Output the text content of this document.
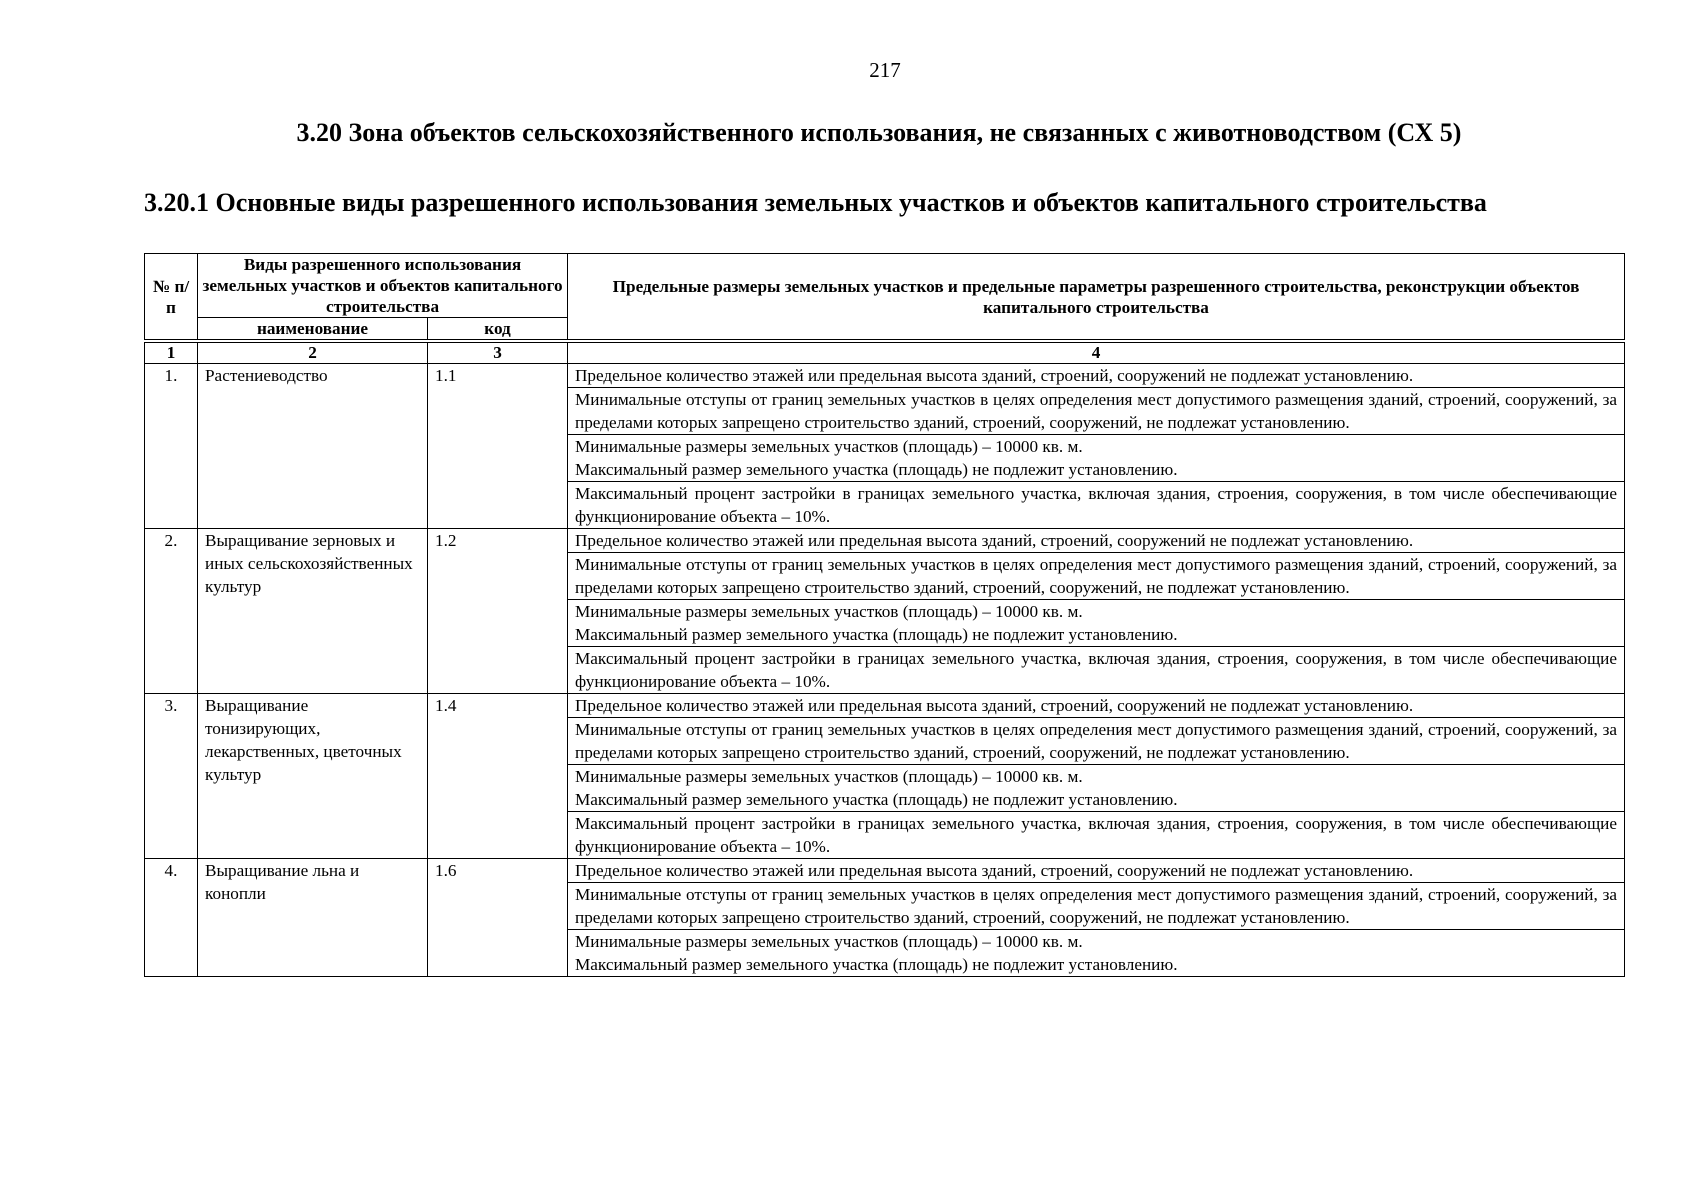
217
3.20 Зона объектов сельскохозяйственного использования, не связанных с животноводством (СХ 5)
3.20.1 Основные виды разрешенного использования земельных участков и объектов капитального строительства
№ п/п	Виды разрешенного использования земельных участков и объектов капитального строительства		Предельные размеры земельных участков и предельные параметры разрешенного строительства, реконструкции объектов капитального строительства
	наименование	код	

1	2	3	4
1.	Растениеводство	1.1	Предельное количество этажей или предельная высота зданий, строений, сооружений не подлежат установлению.
			Минимальные отступы от границ земельных участков в целях определения мест допустимого размещения зданий, строений, сооружений, за пределами которых запрещено строительство зданий, строений, сооружений, не подлежат установлению.
			Минимальные размеры земельных участков (площадь) – 10000 кв. м.
Максимальный размер земельного участка (площадь) не подлежит установлению.
			Максимальный процент застройки в границах земельного участка, включая здания, строения, сооружения, в том числе обеспечивающие функционирование объекта – 10%.
2.	Выращивание зерновых и иных сельскохозяйственных культур	1.2	Предельное количество этажей или предельная высота зданий, строений, сооружений не подлежат установлению.
			Минимальные отступы от границ земельных участков в целях определения мест допустимого размещения зданий, строений, сооружений, за пределами которых запрещено строительство зданий, строений, сооружений, не подлежат установлению.
			Минимальные размеры земельных участков (площадь) – 10000 кв. м.
Максимальный размер земельного участка (площадь) не подлежит установлению.
			Максимальный процент застройки в границах земельного участка, включая здания, строения, сооружения, в том числе обеспечивающие функционирование объекта – 10%.
3.	Выращивание тонизирующих, лекарственных, цветочных культур	1.4	Предельное количество этажей или предельная высота зданий, строений, сооружений не подлежат установлению.
			Минимальные отступы от границ земельных участков в целях определения мест допустимого размещения зданий, строений, сооружений, за пределами которых запрещено строительство зданий, строений, сооружений, не подлежат установлению.
			Минимальные размеры земельных участков (площадь) – 10000 кв. м.
Максимальный размер земельного участка (площадь) не подлежит установлению.
			Максимальный процент застройки в границах земельного участка, включая здания, строения, сооружения, в том числе обеспечивающие функционирование объекта – 10%.
4.	Выращивание льна и конопли	1.6	Предельное количество этажей или предельная высота зданий, строений, сооружений не подлежат установлению.
			Минимальные отступы от границ земельных участков в целях определения мест допустимого размещения зданий, строений, сооружений, за пределами которых запрещено строительство зданий, строений, сооружений, не подлежат установлению.
			Минимальные размеры земельных участков (площадь) – 10000 кв. м.
Максимальный размер земельного участка (площадь) не подлежит установлению.
